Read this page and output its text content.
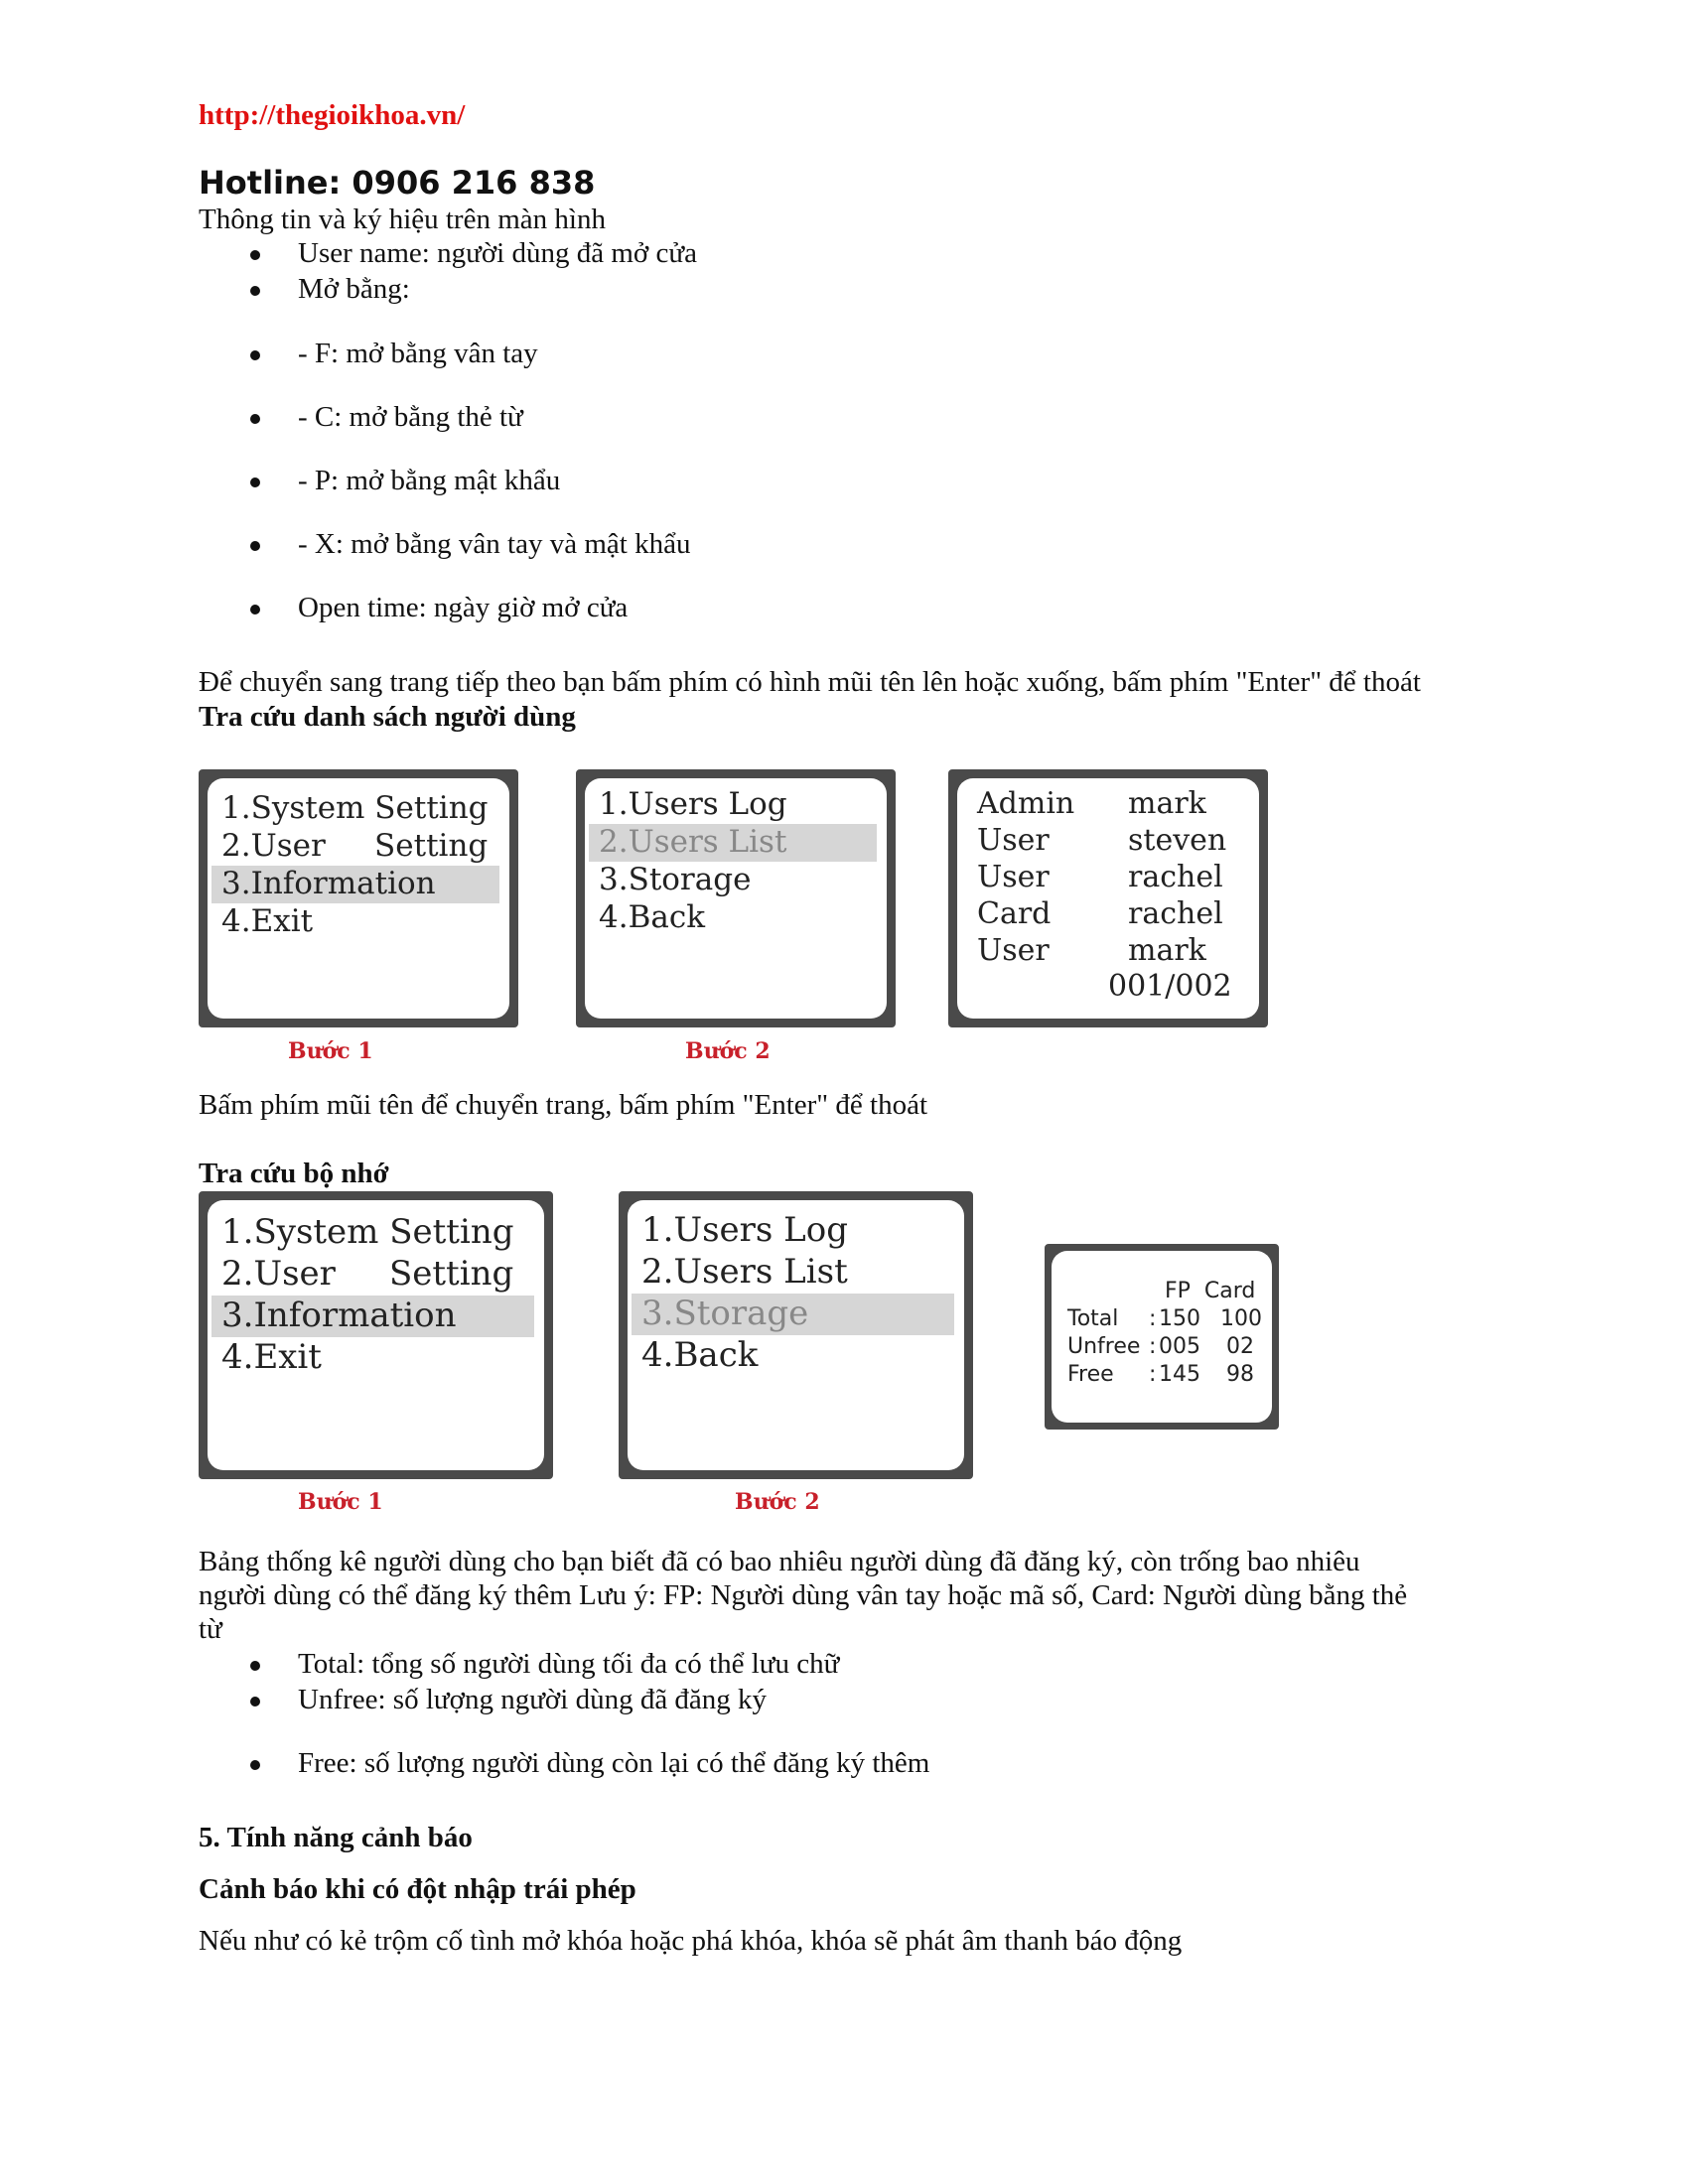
http://thegioikhoa.vn/
Hotline: 0906 216 838
Thông tin và ký hiệu trên màn hình
User name: người dùng đã mở cửa
Mở bằng:
- F: mở bằng vân tay
- C: mở bằng thẻ từ
- P: mở bằng mật khẩu
- X: mở bằng vân tay và mật khẩu
Open time: ngày giờ mở cửa
Để chuyển sang trang tiếp theo bạn bấm phím có hình mũi tên lên hoặc xuống, bấm phím "Enter" để thoát
Tra cứu danh sách người dùng
1.System Setting
2.User     Setting
3.Information
4.Exit
Bước 1
1.Users Log
2.Users List
3.Storage
4.Back
Bước 2
Admin mark
User	steven
User	rachel
Card	rachel
User	mark
001/002
Bấm phím mũi tên để chuyển trang, bấm phím "Enter" để thoát
Tra cứu bộ nhớ
1.System Setting
2.User     Setting
3.Information
4.Exit
Bước 1
1.Users Log
2.Users List
3.Storage
4.Back
Bước 2
FP  Card
Total : 150 100
Unfree : 005 02
Free : 145 98
Bảng thống kê người dùng cho bạn biết đã có bao nhiêu người dùng đã đăng ký, còn trống bao nhiêu
người dùng có thể đăng ký thêm Lưu ý: FP: Người dùng vân tay hoặc mã số, Card: Người dùng bằng thẻ
từ
Total: tổng số người dùng tối đa có thể lưu chữ
Unfree: số lượng người dùng đã đăng ký
Free: số lượng người dùng còn lại có thể đăng ký thêm
5. Tính năng cảnh báo
Cảnh báo khi có đột nhập trái phép
Nếu như có kẻ trộm cố tình mở khóa hoặc phá khóa, khóa sẽ phát âm thanh báo động
